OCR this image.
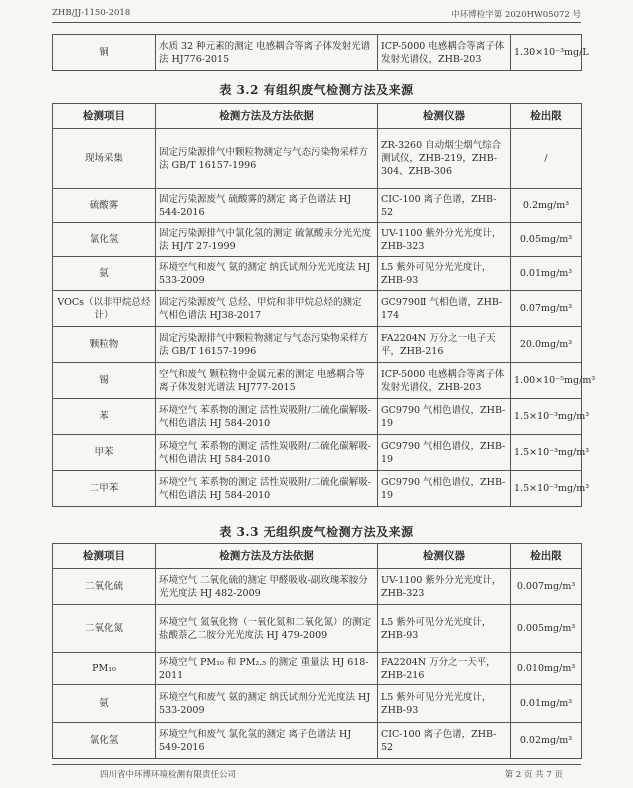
ZHB/JJ-1150-2018	中环博检字第 2020HW05072 号
铜	水质 32 种元素的测定 电感耦合等离子体发射光谱法 HJ776-2015	ICP-5000 电感耦合等离子体发射光谱仪，ZHB-203	1.30×10⁻³mg/L
表 3.2 有组织废气检测方法及来源
检测项目	检测方法及方法依据	检测仪器	检出限
现场采集	固定污染源排气中颗粒物测定与气态污染物采样方法 GB/T 16157-1996	ZR-3260 自动烟尘烟气综合测试仪，ZHB-219，ZHB-304、ZHB-306	/
硫酸雾	固定污染源废气 硫酸雾的测定 离子色谱法 HJ 544-2016	CIC-100 离子色谱，ZHB-52	0.2mg/m³
氯化氢	固定污染源排气中氯化氢的测定 硫氰酸汞分光光度法 HJ/T 27-1999	UV-1100 紫外分光光度计，ZHB-323	0.05mg/m³
氨	环境空气和废气 氨的测定 纳氏试剂分光光度法 HJ 533-2009	L5 紫外可见分光光度计，ZHB-93	0.01mg/m³
VOCs（以非甲烷总烃计）	固定污染源废气 总烃、甲烷和非甲烷总烃的测定 气相色谱法 HJ38-2017	GC9790Ⅱ 气相色谱，ZHB-174	0.07mg/m³
颗粒物	固定污染源排气中颗粒物测定与气态污染物采样方法 GB/T 16157-1996	FA2204N 万分之一电子天平，ZHB-216	20.0mg/m³
锡	空气和废气 颗粒物中金属元素的测定 电感耦合等离子体发射光谱法 HJ777-2015	ICP-5000 电感耦合等离子体发射光谱仪，ZHB-203	1.00×10⁻⁵mg/m³
苯	环境空气 苯系物的测定 活性炭吸附/二硫化碳解吸-气相色谱法 HJ 584-2010	GC9790 气相色谱仪，ZHB-19	1.5×10⁻³mg/m³
甲苯	环境空气 苯系物的测定 活性炭吸附/二硫化碳解吸-气相色谱法 HJ 584-2010	GC9790 气相色谱仪，ZHB-19	1.5×10⁻³mg/m³
二甲苯	环境空气 苯系物的测定 活性炭吸附/二硫化碳解吸-气相色谱法 HJ 584-2010	GC9790 气相色谱仪，ZHB-19	1.5×10⁻³mg/m³
表 3.3 无组织废气检测方法及来源
检测项目	检测方法及方法依据	检测仪器	检出限
二氧化硫	环境空气 二氧化硫的测定 甲醛吸收-副玫瑰苯胺分光光度法 HJ 482-2009	UV-1100 紫外分光光度计，ZHB-323	0.007mg/m³
二氧化氮	环境空气 氮氧化物（一氧化氮和二氧化氮）的测定 盐酸萘乙二胺分光光度法 HJ 479-2009	L5 紫外可见分光光度计，ZHB-93	0.005mg/m³
PM₁₀	环境空气 PM₁₀ 和 PM₂.₅ 的测定 重量法 HJ 618-2011	FA2204N 万分之一天平，ZHB-216	0.010mg/m³
氨	环境空气和废气 氨的测定 纳氏试剂分光光度法 HJ 533-2009	L5 紫外可见分光光度计，ZHB-93	0.01mg/m³
氯化氢	环境空气和废气 氯化氢的测定 离子色谱法 HJ 549-2016	CIC-100 离子色谱，ZHB-52	0.02mg/m³
四川省中环博环境检测有限责任公司	第 2 页 共 7 页
